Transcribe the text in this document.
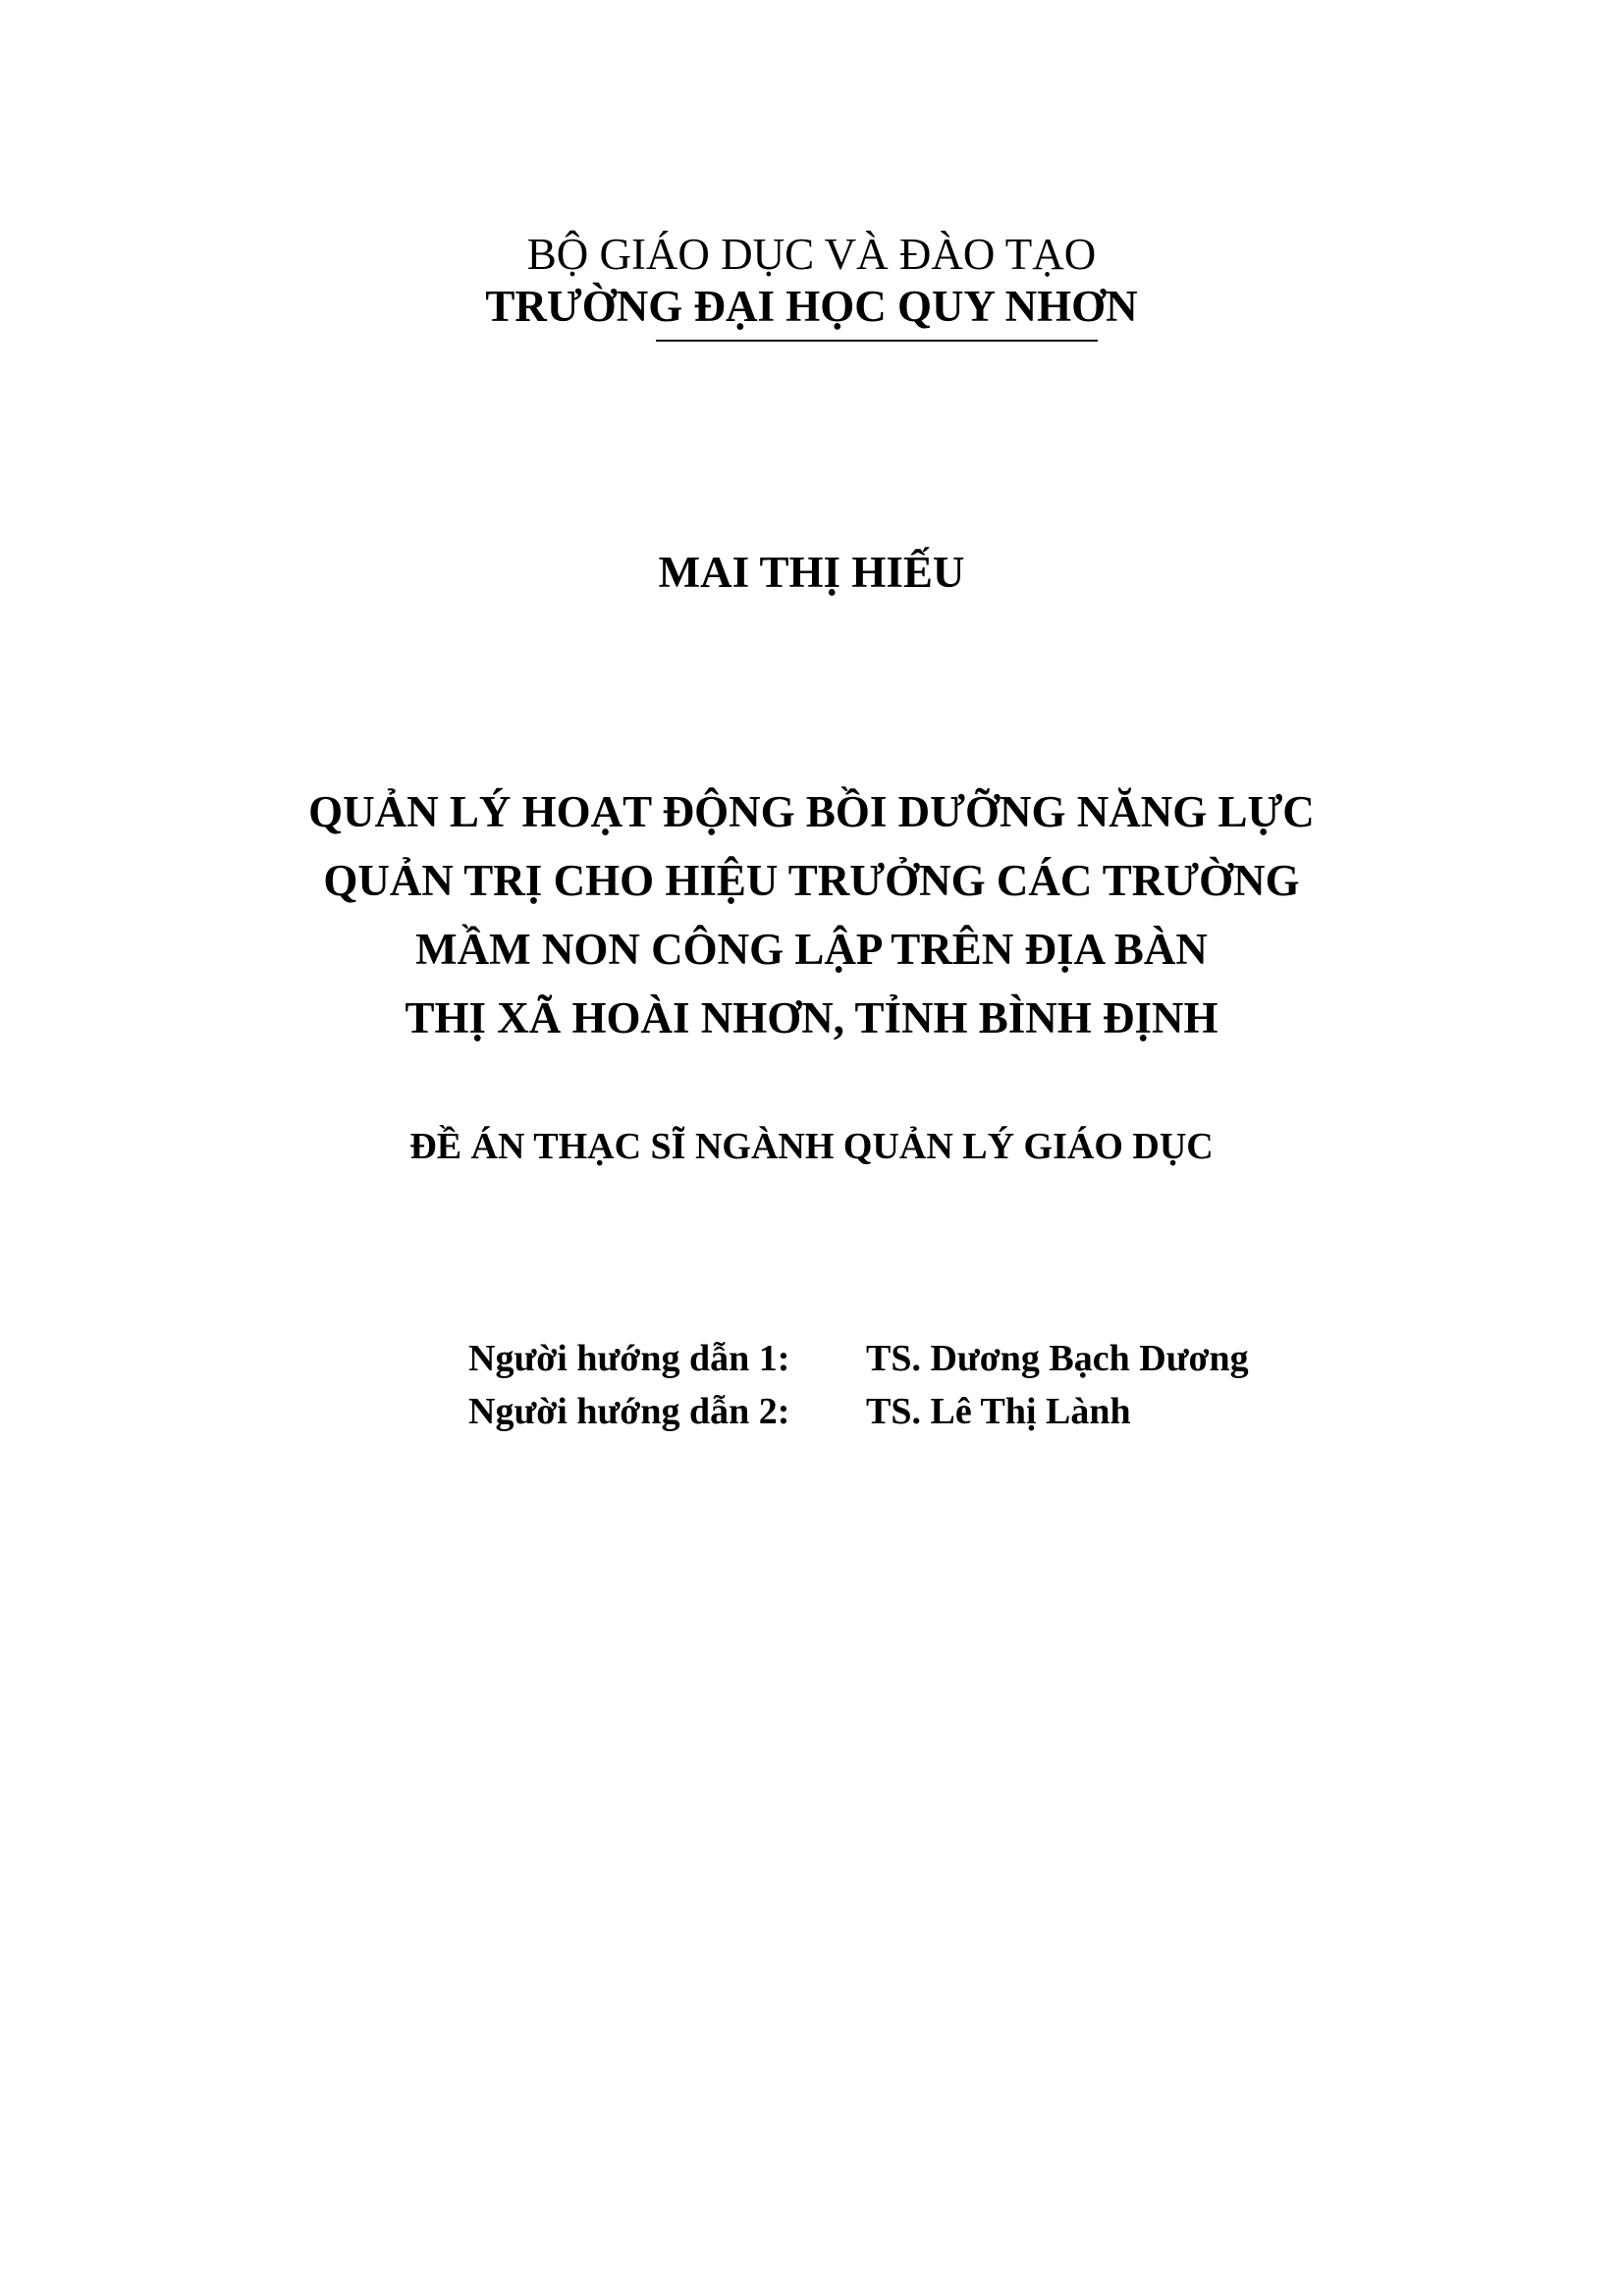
BỘ GIÁO DỤC VÀ ĐÀO TẠO
TRƯỜNG ĐẠI HỌC QUY NHƠN
MAI THỊ HIẾU
QUẢN LÝ HOẠT ĐỘNG BỒI DƯỠNG NĂNG LỰC
QUẢN TRỊ CHO HIỆU TRƯỞNG CÁC TRƯỜNG
MẦM NON CÔNG LẬP TRÊN ĐỊA BÀN
THỊ XÃ HOÀI NHƠN, TỈNH BÌNH ĐỊNH
ĐỀ ÁN THẠC SĨ NGÀNH QUẢN LÝ GIÁO DỤC
Người hướng dẫn 1:	TS. Dương Bạch Dương
Người hướng dẫn 2:	TS. Lê Thị Lành
